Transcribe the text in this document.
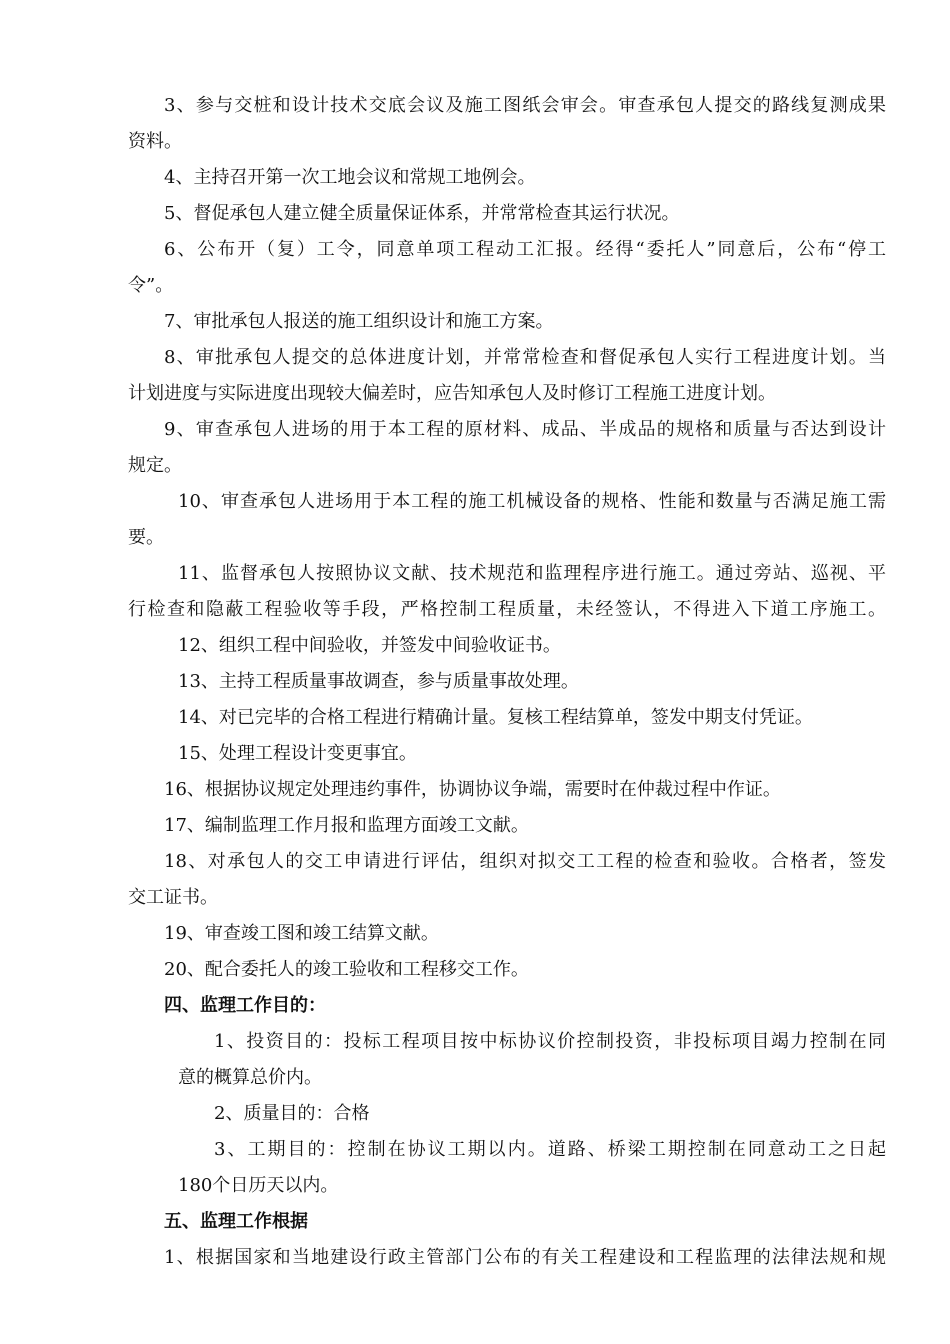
3、参与交桩和设计技术交底会议及施工图纸会审会。审查承包人提交的路线复测成果

资料。

4、主持召开第一次工地会议和常规工地例会。

5、督促承包人建立健全质量保证体系，并常常检查其运行状况。

6、公布开（复）工令，同意单项工程动工汇报。经得“委托人”同意后，公布“停工

令”。

7、审批承包人报送的施工组织设计和施工方案。

8、审批承包人提交的总体进度计划，并常常检查和督促承包人实行工程进度计划。当

计划进度与实际进度出现较大偏差时，应告知承包人及时修订工程施工进度计划。

9、审查承包人进场的用于本工程的原材料、成品、半成品的规格和质量与否达到设计

规定。

10、审查承包人进场用于本工程的施工机械设备的规格、性能和数量与否满足施工需

要。

11、监督承包人按照协议文献、技术规范和监理程序进行施工。通过旁站、巡视、平

行检查和隐蔽工程验收等手段，严格控制工程质量，未经签认，不得进入下道工序施工。

12、组织工程中间验收，并签发中间验收证书。

13、主持工程质量事故调查，参与质量事故处理。

14、对已完毕的合格工程进行精确计量。复核工程结算单，签发中期支付凭证。

15、处理工程设计变更事宜。

16、根据协议规定处理违约事件，协调协议争端，需要时在仲裁过程中作证。

17、编制监理工作月报和监理方面竣工文献。

18、对承包人的交工申请进行评估，组织对拟交工工程的检查和验收。合格者，签发

交工证书。

19、审查竣工图和竣工结算文献。

20、配合委托人的竣工验收和工程移交工作。

四、监理工作目的：

1、投资目的：投标工程项目按中标协议价控制投资，非投标项目竭力控制在同

意的概算总价内。

2、质量目的：合格

3、工期目的：控制在协议工期以内。道路、桥梁工期控制在同意动工之日起

180个日历天以内。

五、监理工作根据

1、根据国家和当地建设行政主管部门公布的有关工程建设和工程监理的法律法规和规
